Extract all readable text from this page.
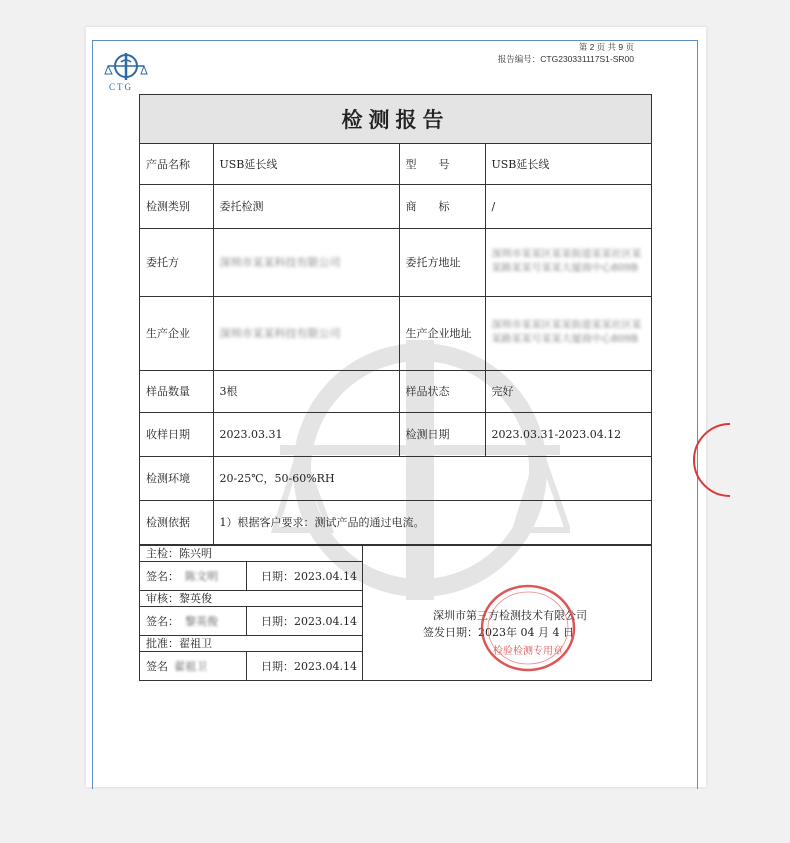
CTG
第 2 页 共 9 页
报告编号：CTG230331117S1-SR00
检测报告
产品名称	USB延长线	型　　号	USB延长线
检测类别	委托检测	商　　标	/
委托方	深圳市某某科技有限公司	委托方地址	深圳市某某区某某街道某某社区某某路某某号某某大厦商中心809B
生产企业	深圳市某某科技有限公司	生产企业地址	深圳市某某区某某街道某某社区某某路某某号某某大厦商中心809B
样品数量	3根	样品状态	完好
收样日期	2023.03.31	检测日期	2023.03.31-2023.04.12
检测环境	20-25℃，50-60%RH		
检测依据	1）根据客户要求：测试产品的通过电流。		
主检：陈兴明
签名： 陈文明	日期：2023.04.14
审核：黎英俊
签名： 黎英俊	日期：2023.04.14
批准：翟祖卫
签名 翟祖卫	日期：2023.04.14
深圳市第三方检测技术有限公司
签发日期：2023年 04 月 4 日
检验检测专用章
